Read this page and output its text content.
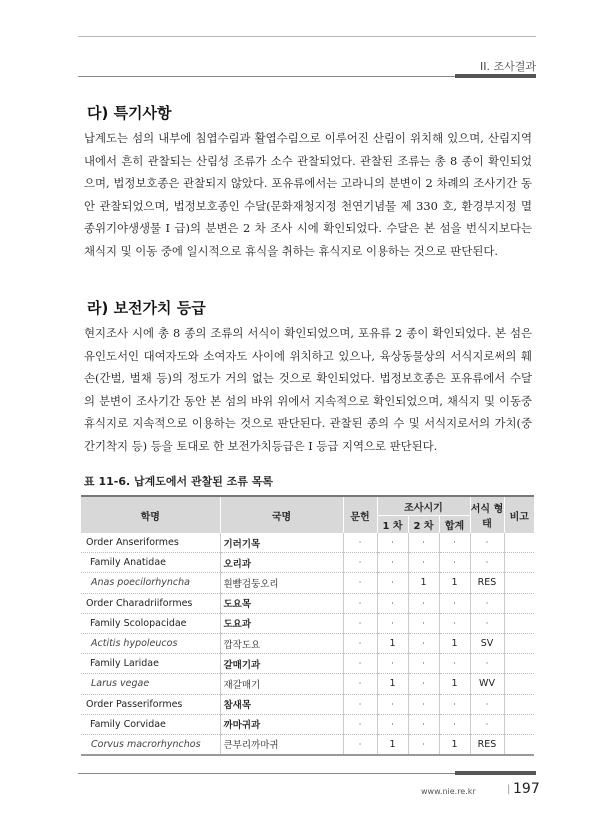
II. 조사결과
다) 특기사항

납계도는 섬의 내부에 침엽수림과 활엽수림으로 이루어진 산림이 위치해 있으며, 산림지역내에서 흔히 관찰되는 산림성 조류가 소수 관찰되었다. 관찰된 조류는 총 8 종이 확인되었으며, 법정보호종은 관찰되지 않았다. 포유류에서는 고라니의 분변이 2 차례의 조사기간 동안 관찰되었으며, 법정보호종인 수달(문화재청지정 천연기념물 제 330 호, 환경부지정 멸종위기야생생물 I 급)의 분변은 2 차 조사 시에 확인되었다. 수달은 본 섬을 번식지보다는 채식지 및 이동 중에 일시적으로 휴식을 취하는 휴식지로 이용하는 것으로 판단된다.

라) 보전가치 등급

현지조사 시에 총 8 종의 조류의 서식이 확인되었으며, 포유류 2 종이 확인되었다. 본 섬은 유인도서인 대여자도와 소여자도 사이에 위치하고 있으나, 육상동물상의 서식지로써의 훼손(간벌, 벌채 등)의 정도가 거의 없는 것으로 확인되었다. 법정보호종은 포유류에서 수달의 분변이 조사기간 동안 본 섬의 바위 위에서 지속적으로 확인되었으며, 채식지 및 이동중 휴식지로 지속적으로 이용하는 것으로 판단된다. 관찰된 종의 수 및 서식지로서의 가치(중간기착지 등) 등을 토대로 한 보전가치등급은 Ⅰ 등급 지역으로 판단된다.

표 11-6. 납계도에서 관찰된 조류 목록
학명	국명	문헌	조사시기			서식 형태	비고
			1 차	2 차	합계		
Order Anseriformes	기러기목	·	·	·	·	·	
Family Anatidae	오리과	·	·	·	·	·	
Anas poecilorhyncha	흰뺨검둥오리	·	·	1	1	RES	
Order Charadriiformes	도요목	·	·	·	·	·	
Family Scolopacidae	도요과	·	·	·	·	·	
Actitis hypoleucos	깝작도요	·	1	·	1	SV	
Family Laridae	갈매기과	·	·	·	·	·	
Larus vegae	재갈매기	·	1	·	1	WV	
Order Passeriformes	참새목	·	·	·	·	·	
Family Corvidae	까마귀과	·	·	·	·	·	
Corvus macrorhynchos	큰부리까마귀	·	1	·	1	RES	
www.nie.re.kr	| 197
